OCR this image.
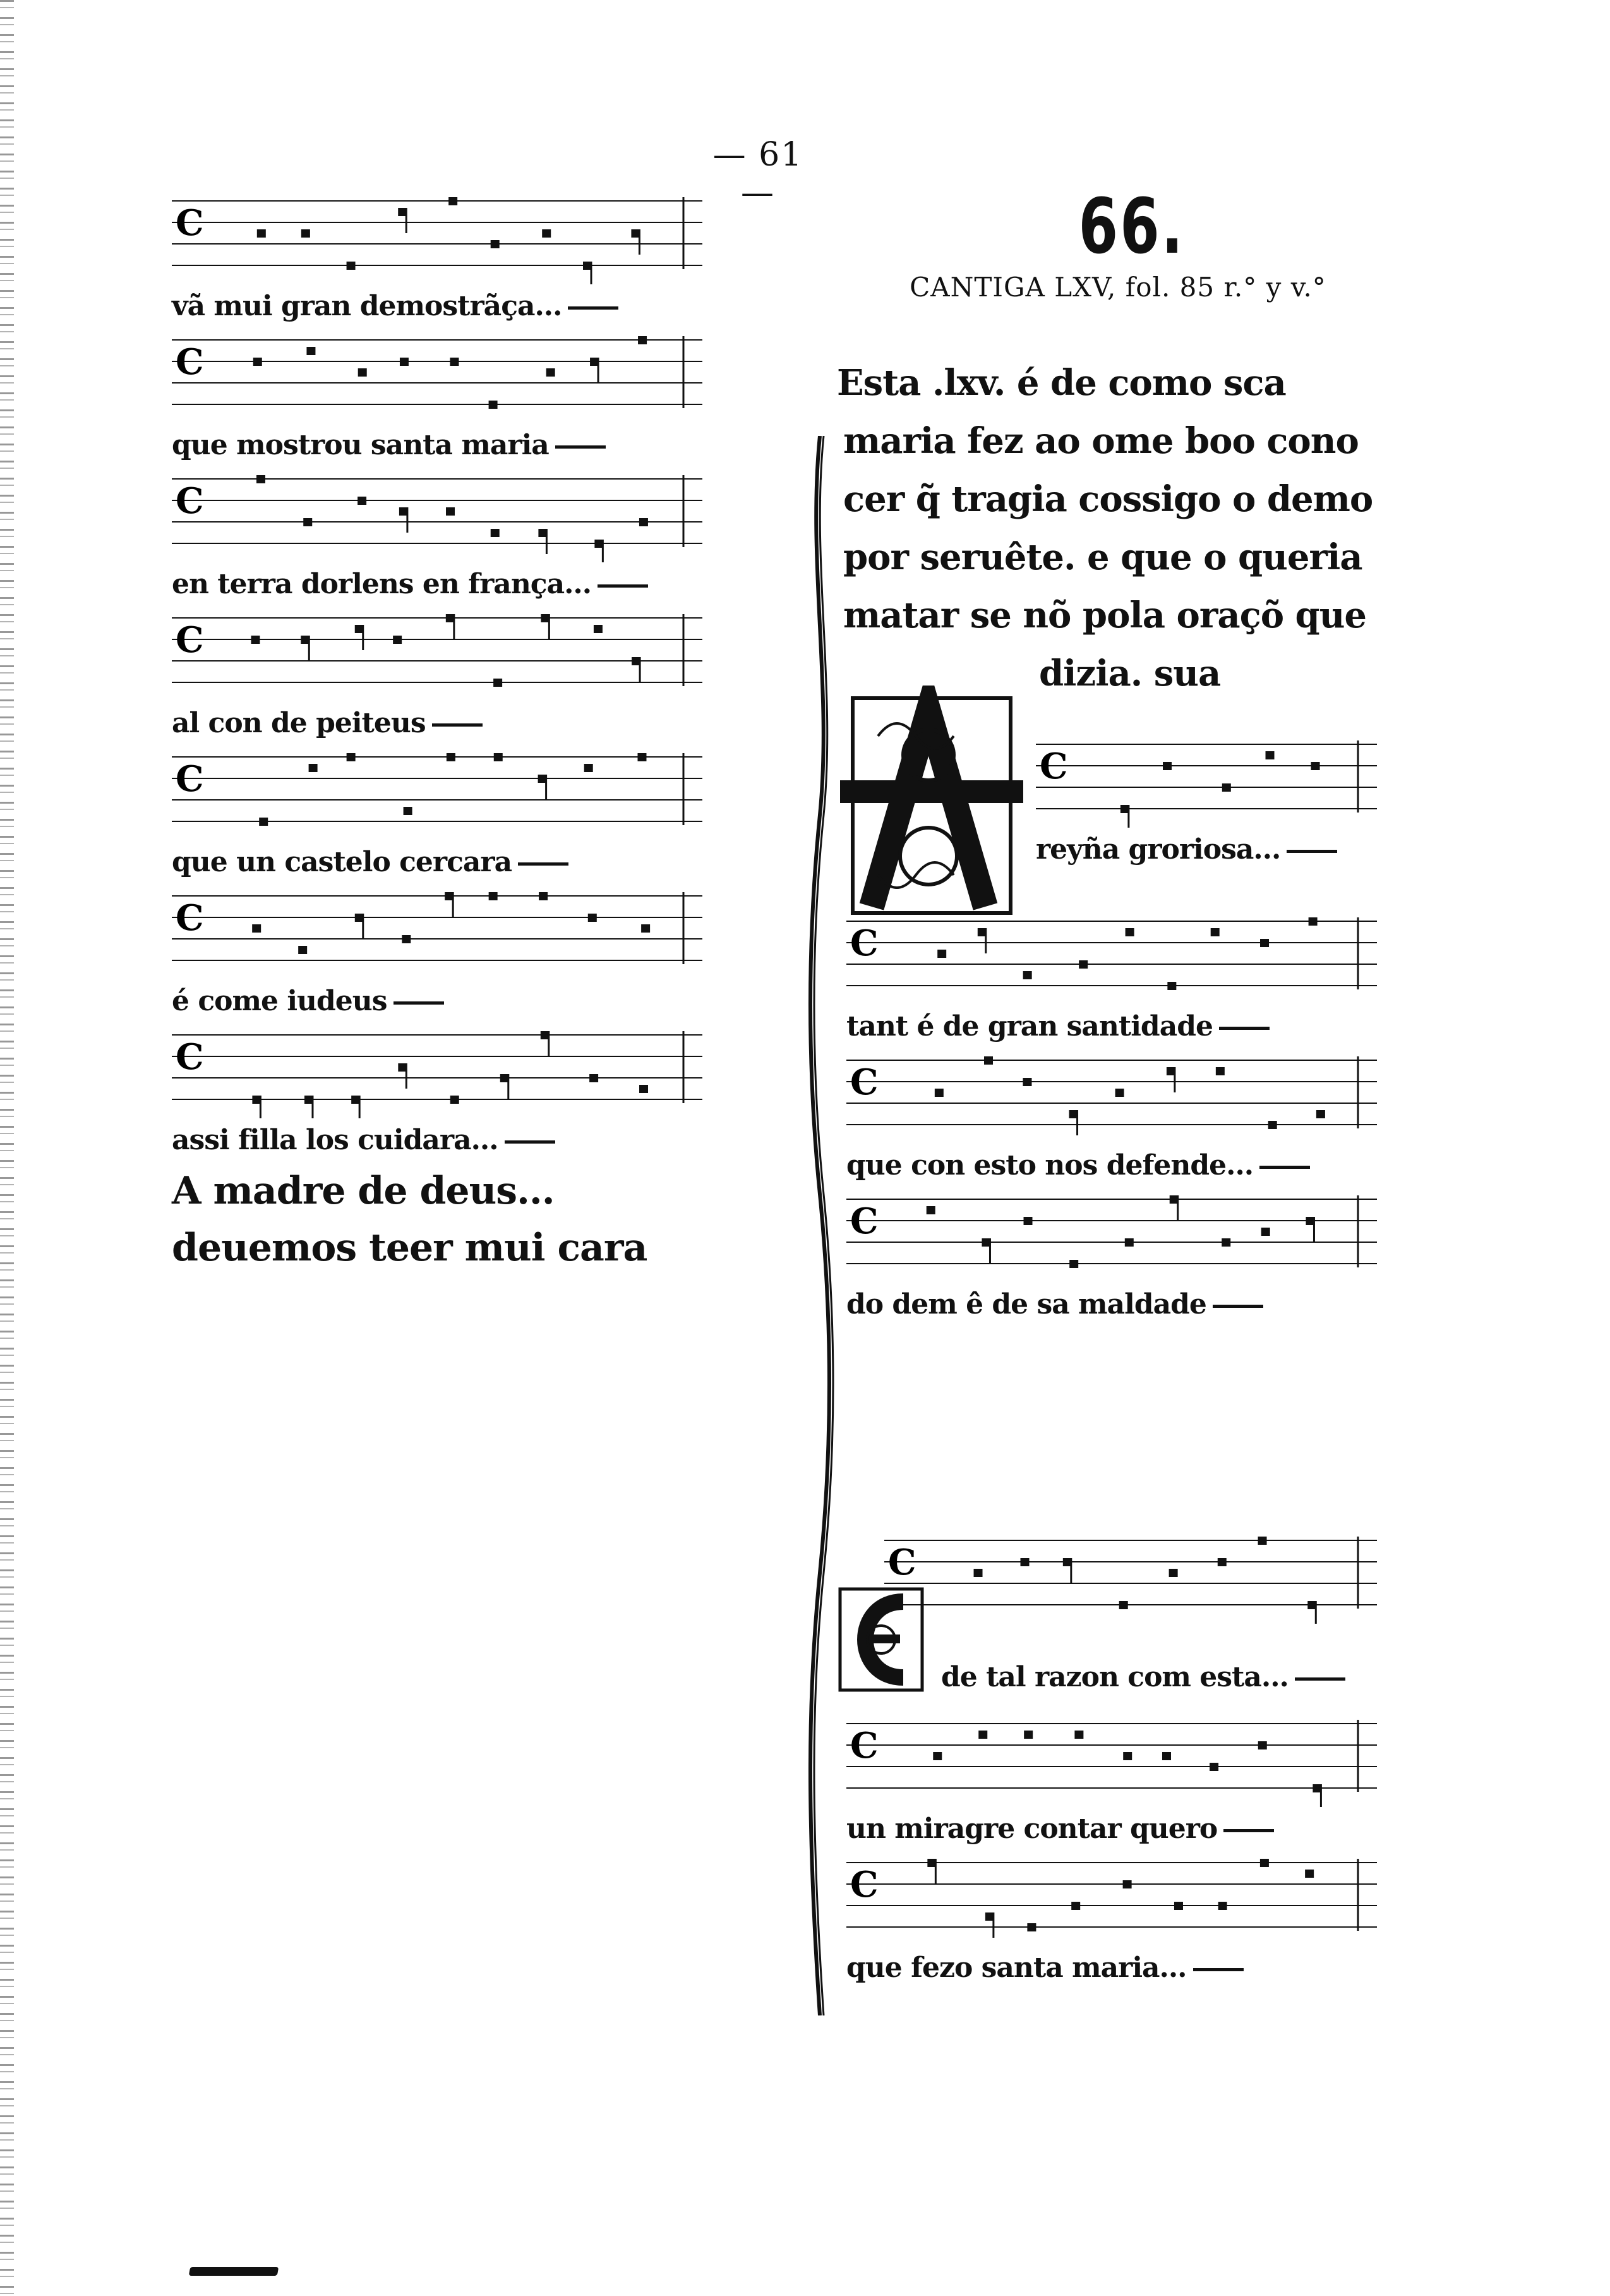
— 61 —	66.
CANTIGA LXV, fol. 85 r.° y v.°
C
vã mui gran demostrãça...
C
que mostrou santa maria
C
en terra dorlens en frança...
C
al con de peiteus
C
que un castelo cercara
C
é come iudeus
C
assi filla los cuidara...
A madre de deus...
deuemos teer mui cara
Esta .lxv. é de como sca
maria fez ao ome boo cono
cer q̃ tragia cossigo o demo
por seruête. e que o queria
matar se nõ pola oraçõ que
dizia. sua
C
reyña groriosa...
C
tant é de gran santidade
C
que con esto nos defende...
C
do dem ê de sa maldade
C
de tal razon com esta...
C
un miragre contar quero
C
que fezo santa maria...
